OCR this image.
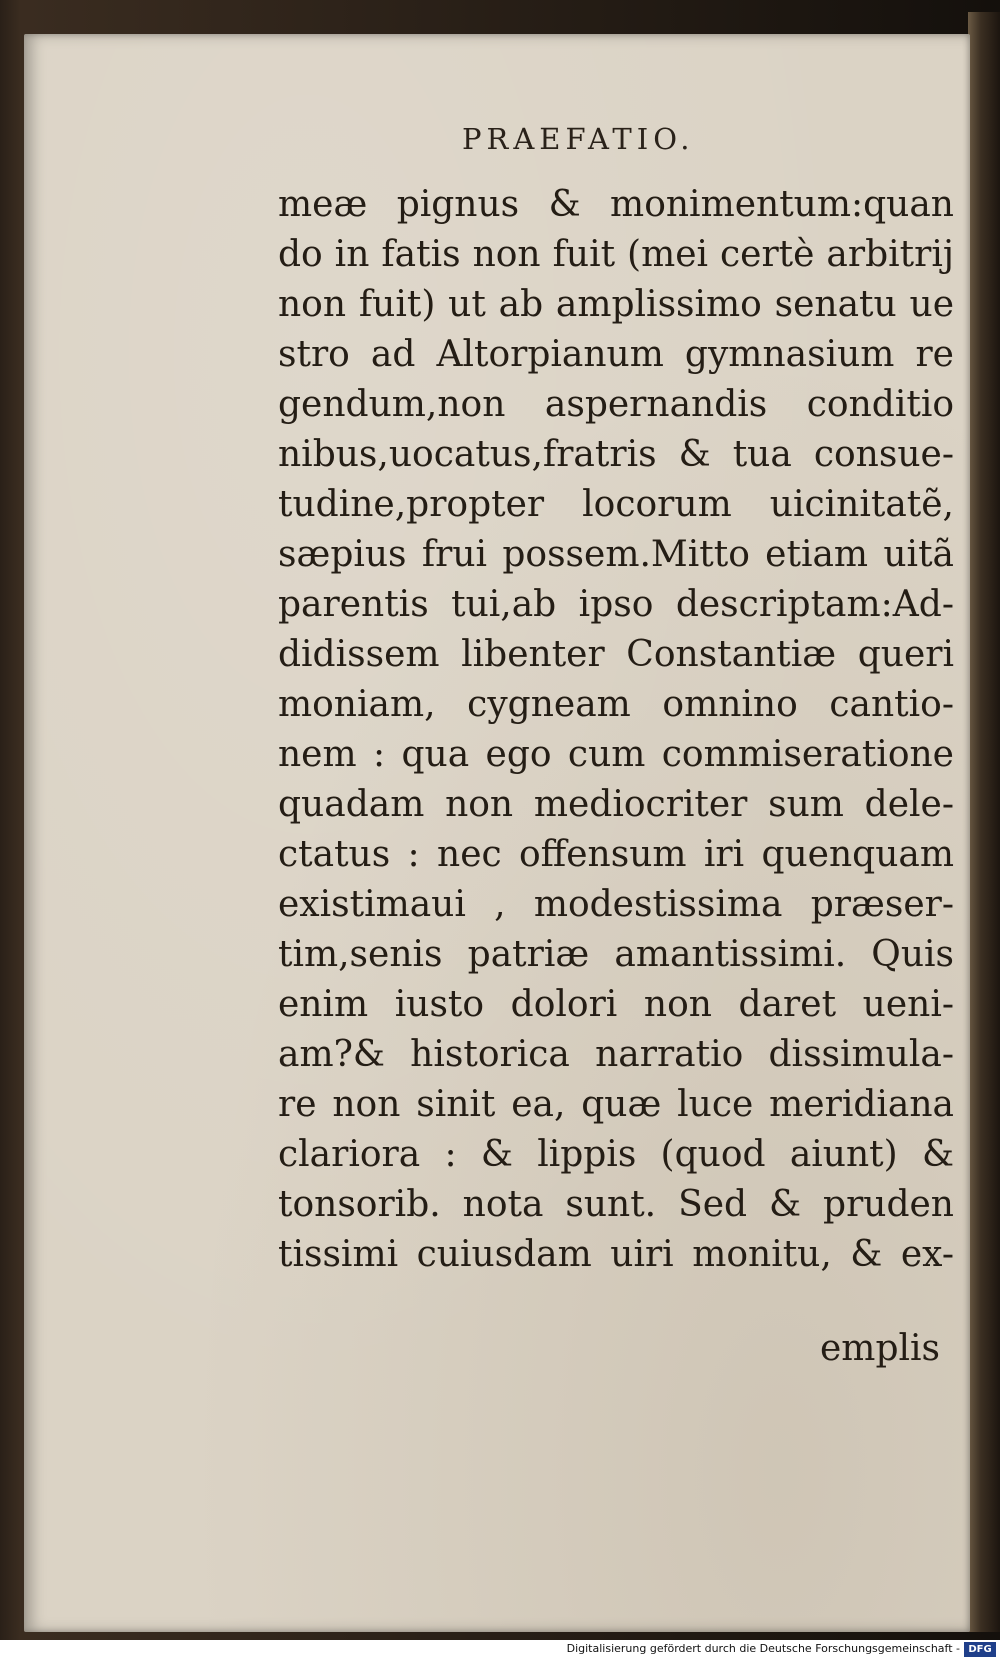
PRAEFATIO.
meæ pignus & monimentum:quan
do in fatis non fuit (mei certè arbitrij
non fuit) ut ab amplissimo senatu ue
stro ad Altorpianum gymnasium re
gendum,non aspernandis conditio
nibus,uocatus,fratris & tua consue-
tudine,propter locorum uicinitatẽ,
sæpius frui possem.Mitto etiam uitã
parentis tui,ab ipso descriptam:Ad-
didissem libenter Constantiæ queri
moniam, cygneam omnino cantio-
nem : qua ego cum commiseratione
quadam non mediocriter sum dele-
ctatus : nec offensum iri quenquam
existimaui , modestissima præser-
tim,senis patriæ amantissimi. Quis
enim iusto dolori non daret ueni-
am?& historica narratio dissimula-
re non sinit ea, quæ luce meridiana
clariora : & lippis (quod aiunt) &
tonsorib. nota sunt. Sed & pruden
tissimi cuiusdam uiri monitu, & ex-
emplis
Digitalisierung gefördert durch die Deutsche Forschungsgemeinschaft - DFG
